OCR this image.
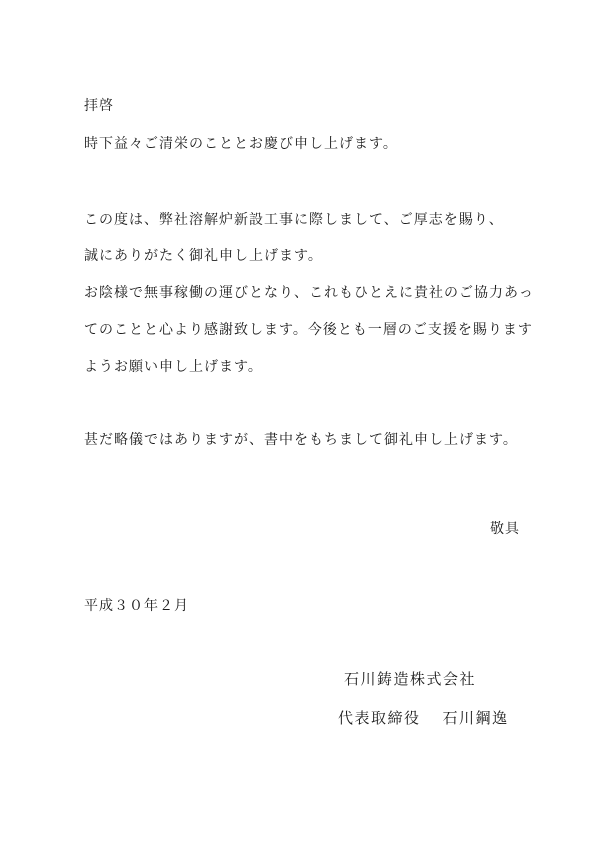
拝啓
時下益々ご清栄のこととお慶び申し上げます。
この度は、弊社溶解炉新設工事に際しまして、ご厚志を賜り、
誠にありがたく御礼申し上げます。
お陰様で無事稼働の運びとなり、これもひとえに貴社のご協力あっ
てのことと心より感謝致します。今後とも一層のご支援を賜ります
ようお願い申し上げます。
甚だ略儀ではありますが、書中をもちまして御礼申し上げます。
敬具
平成３０年２月
石川鋳造株式会社
代表取締役 石川鋼逸
